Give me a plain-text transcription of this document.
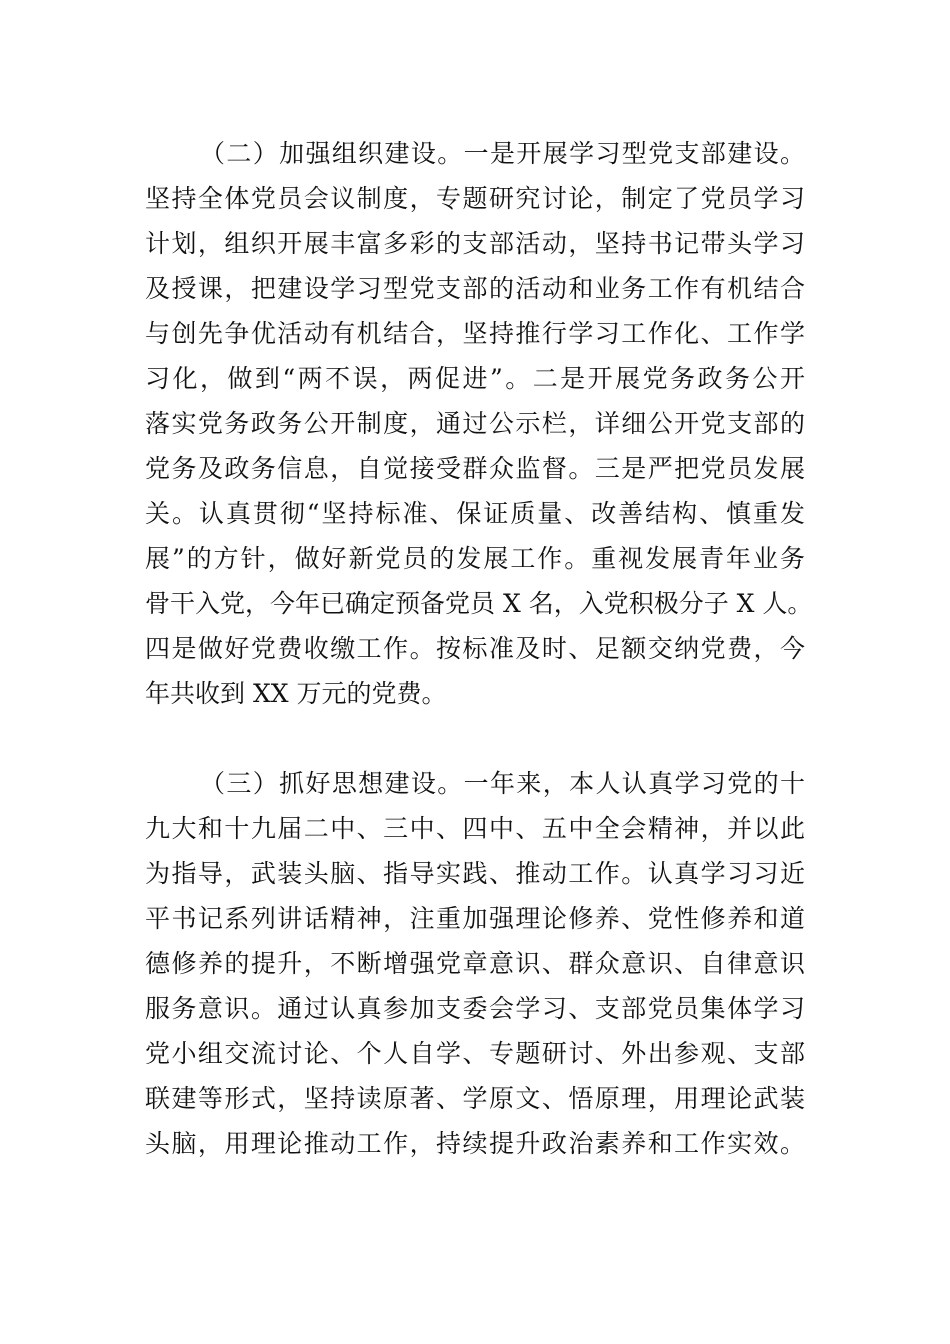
（二）加强组织建设。一是开展学习型党支部建设。
坚持全体党员会议制度，专题研究讨论，制定了党员学习
计划，组织开展丰富多彩的支部活动，坚持书记带头学习
及授课，把建设学习型党支部的活动和业务工作有机结合
与创先争优活动有机结合，坚持推行学习工作化、工作学
习化，做到“两不误，两促进”。二是开展党务政务公开
落实党务政务公开制度，通过公示栏，详细公开党支部的
党务及政务信息，自觉接受群众监督。三是严把党员发展
关。认真贯彻“坚持标准、保证质量、改善结构、慎重发
展”的方针，做好新党员的发展工作。重视发展青年业务
骨干入党，今年已确定预备党员 X 名，入党积极分子 X 人。
四是做好党费收缴工作。按标准及时、足额交纳党费，今
年共收到 XX 万元的党费。
（三）抓好思想建设。一年来，本人认真学习党的十
九大和十九届二中、三中、四中、五中全会精神，并以此
为指导，武装头脑、指导实践、推动工作。认真学习习近
平书记系列讲话精神，注重加强理论修养、党性修养和道
德修养的提升，不断增强党章意识、群众意识、自律意识
服务意识。通过认真参加支委会学习、支部党员集体学习
党小组交流讨论、个人自学、专题研讨、外出参观、支部
联建等形式，坚持读原著、学原文、悟原理，用理论武装
头脑，用理论推动工作，持续提升政治素养和工作实效。
